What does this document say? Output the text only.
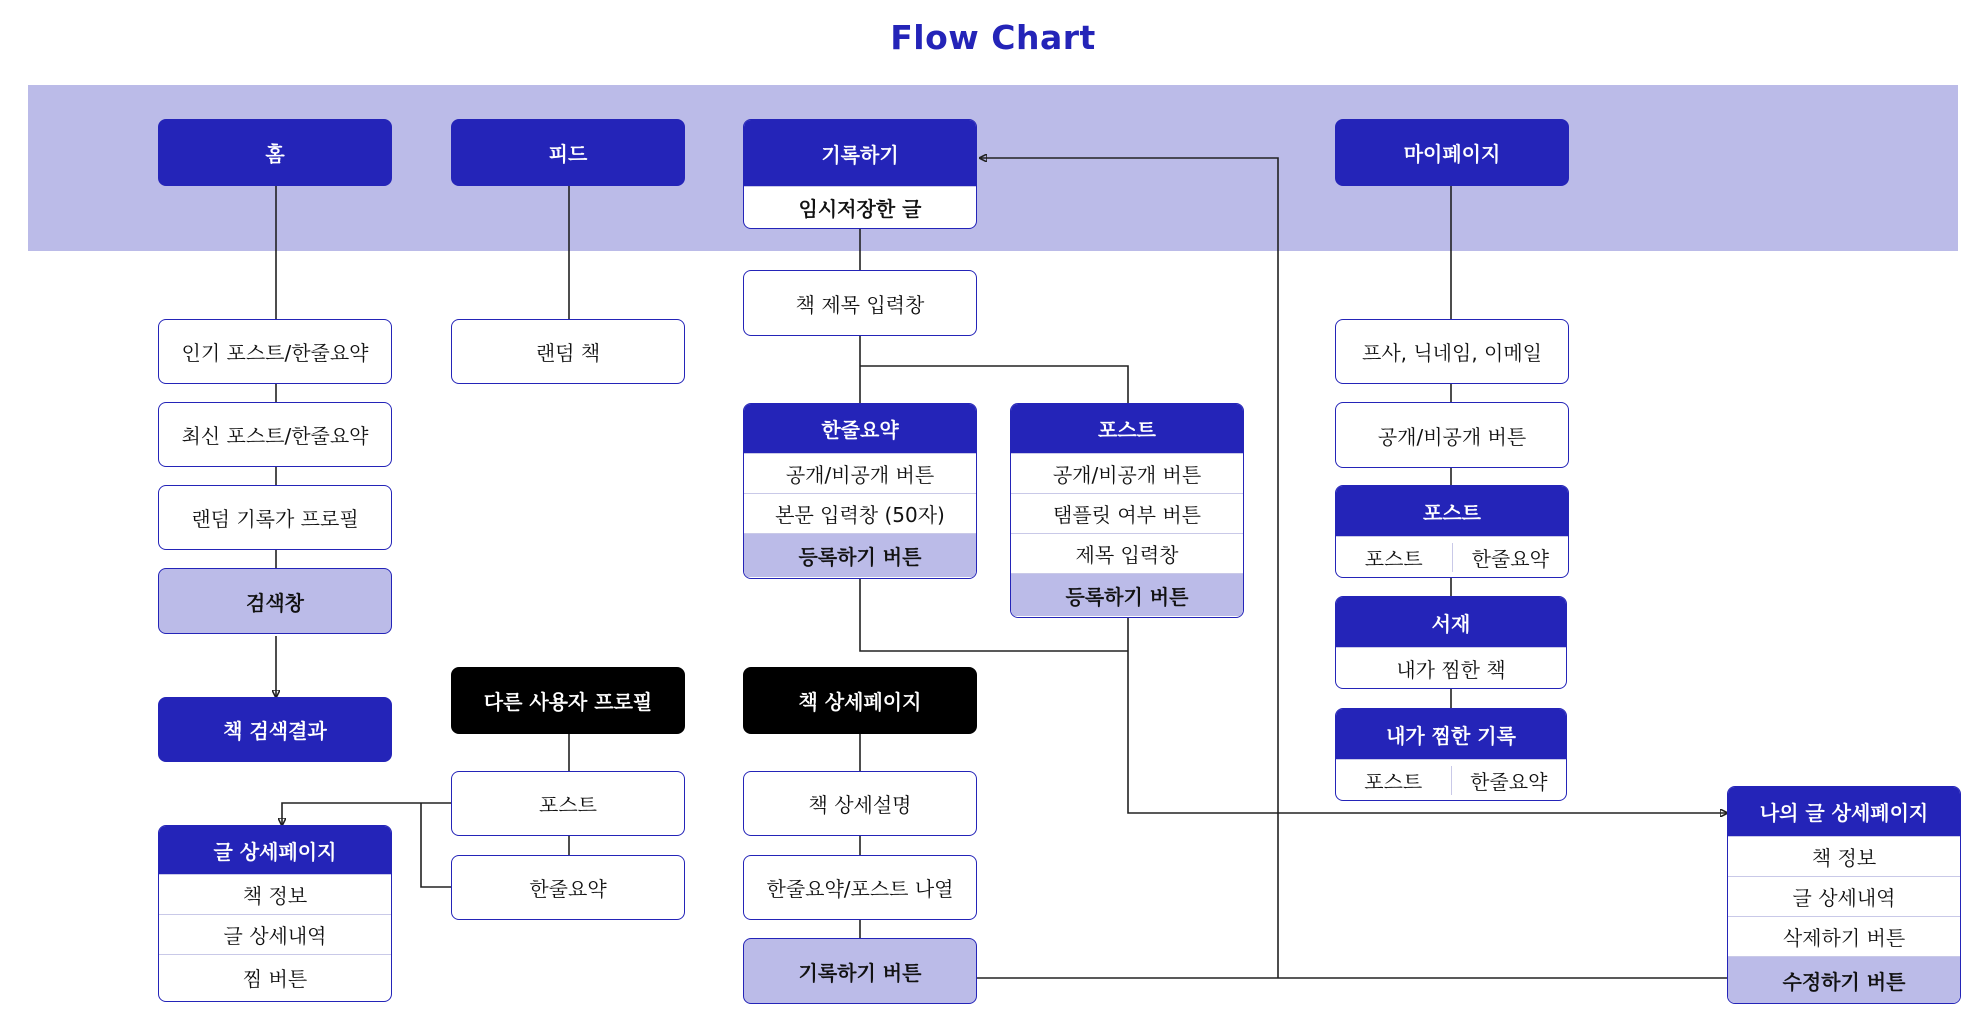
Flow Chart
홈	피드	기록하기
임시저장한 글
마이페이지
인기 포스트/한줄요약
최신 포스트/한줄요약
랜덤 기록가 프로필
검색창
책 검색결과
글 상세페이지
책 정보
글 상세내역
찜 버튼
랜덤 책
다른 사용자 프로필
포스트
한줄요약
책 제목 입력창
한줄요약
공개/비공개 버튼
본문 입력창 (50자)
등록하기 버튼
포스트
공개/비공개 버튼
탬플릿 여부 버튼
제목 입력창
등록하기 버튼
책 상세페이지
책 상세설명
한줄요약/포스트 나열
기록하기 버튼
프사, 닉네임, 이메일
공개/비공개 버튼
포스트
포스트	한줄요약
서재
내가 찜한 책
내가 찜한 기록
포스트	한줄요약
나의 글 상세페이지
책 정보
글 상세내역
삭제하기 버튼
수정하기 버튼
